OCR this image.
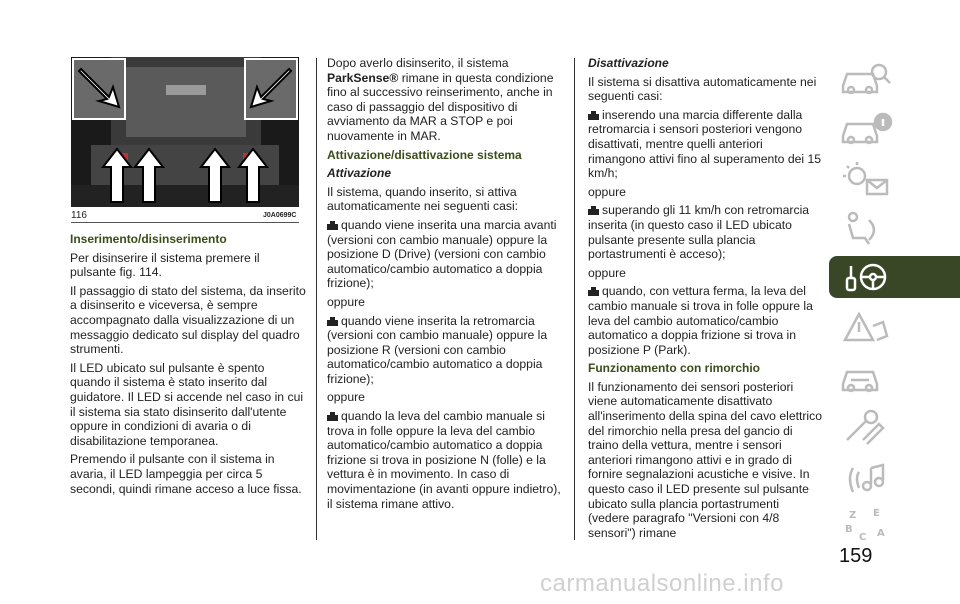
116	J0A0699C

Inserimento/disinserimento

Per disinserire il sistema premere il pulsante fig. 114.

Il passaggio di stato del sistema, da inserito a disinserito e viceversa, è sempre accompagnato dalla visualizzazione di un messaggio dedicato sul display del quadro strumenti.

Il LED ubicato sul pulsante è spento quando il sistema è stato inserito dal guidatore. Il LED si accende nel caso in cui il sistema sia stato disinserito dall'utente oppure in condizioni di avaria o di disabilitazione temporanea.

Premendo il pulsante con il sistema in avaria, il LED lampeggia per circa 5 secondi, quindi rimane acceso a luce fissa.

Dopo averlo disinserito, il sistema
ParkSense® rimane in questa condizione fino al successivo reinserimento, anche in caso di passaggio del dispositivo di avviamento da MAR a STOP e poi nuovamente in MAR.

Attivazione/disattivazione sistema

Attivazione

Il sistema, quando inserito, si attiva automaticamente nei seguenti casi:

quando viene inserita una marcia avanti (versioni con cambio manuale) oppure la posizione D (Drive) (versioni con cambio automatico/cambio automatico a doppia frizione);

oppure

quando viene inserita la retromarcia (versioni con cambio manuale) oppure la posizione R (versioni con cambio automatico/cambio automatico a doppia frizione);

oppure

quando la leva del cambio manuale si trova in folle oppure la leva del cambio automatico/cambio automatico a doppia frizione si trova in posizione N (folle) e la vettura è in movimento. In caso di movimentazione (in avanti oppure indietro), il sistema rimane attivo.

Disattivazione

Il sistema si disattiva automaticamente nei seguenti casi:

inserendo una marcia differente dalla retromarcia i sensori posteriori vengono disattivati, mentre quelli anteriori rimangono attivi fino al superamento dei 15 km/h;

oppure

superando gli 11 km/h con retromarcia inserita (in questo caso il LED ubicato pulsante presente sulla plancia portastrumenti è acceso);

oppure

quando, con vettura ferma, la leva del cambio manuale si trova in folle oppure la leva del cambio automatico/cambio automatico a doppia frizione si trova in posizione P (Park).

Funzionamento con rimorchio

Il funzionamento dei sensori posteriori viene automaticamente disattivato all'inserimento della spina del cavo elettrico del rimorchio nella presa del gancio di traino della vettura, mentre i sensori anteriori rimangono attivi e in grado di fornire segnalazioni acustiche e visive. In questo caso il LED presente sul pulsante ubicato sulla plancia portastrumenti (vedere paragrafo "Versioni con 4/8 sensori") rimane

Z E
B
C A
159
carmanualsonline.info
